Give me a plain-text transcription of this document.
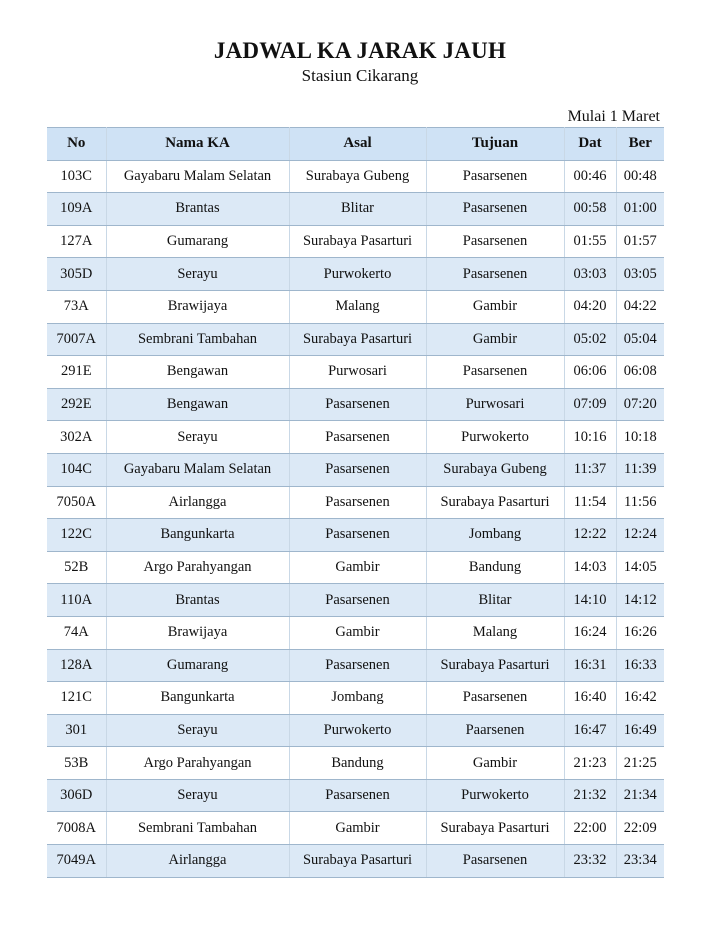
JADWAL KA JARAK JAUH
Stasiun Cikarang
Mulai 1 Maret
No	Nama KA	Asal	Tujuan	Dat	Ber
103C	Gayabaru Malam Selatan	Surabaya Gubeng	Pasarsenen	00:46	00:48
109A	Brantas	Blitar	Pasarsenen	00:58	01:00
127A	Gumarang	Surabaya Pasarturi	Pasarsenen	01:55	01:57
305D	Serayu	Purwokerto	Pasarsenen	03:03	03:05
73A	Brawijaya	Malang	Gambir	04:20	04:22
7007A	Sembrani Tambahan	Surabaya Pasarturi	Gambir	05:02	05:04
291E	Bengawan	Purwosari	Pasarsenen	06:06	06:08
292E	Bengawan	Pasarsenen	Purwosari	07:09	07:20
302A	Serayu	Pasarsenen	Purwokerto	10:16	10:18
104C	Gayabaru Malam Selatan	Pasarsenen	Surabaya Gubeng	11:37	11:39
7050A	Airlangga	Pasarsenen	Surabaya Pasarturi	11:54	11:56
122C	Bangunkarta	Pasarsenen	Jombang	12:22	12:24
52B	Argo Parahyangan	Gambir	Bandung	14:03	14:05
110A	Brantas	Pasarsenen	Blitar	14:10	14:12
74A	Brawijaya	Gambir	Malang	16:24	16:26
128A	Gumarang	Pasarsenen	Surabaya Pasarturi	16:31	16:33
121C	Bangunkarta	Jombang	Pasarsenen	16:40	16:42
301	Serayu	Purwokerto	Paarsenen	16:47	16:49
53B	Argo Parahyangan	Bandung	Gambir	21:23	21:25
306D	Serayu	Pasarsenen	Purwokerto	21:32	21:34
7008A	Sembrani Tambahan	Gambir	Surabaya Pasarturi	22:00	22:09
7049A	Airlangga	Surabaya Pasarturi	Pasarsenen	23:32	23:34
